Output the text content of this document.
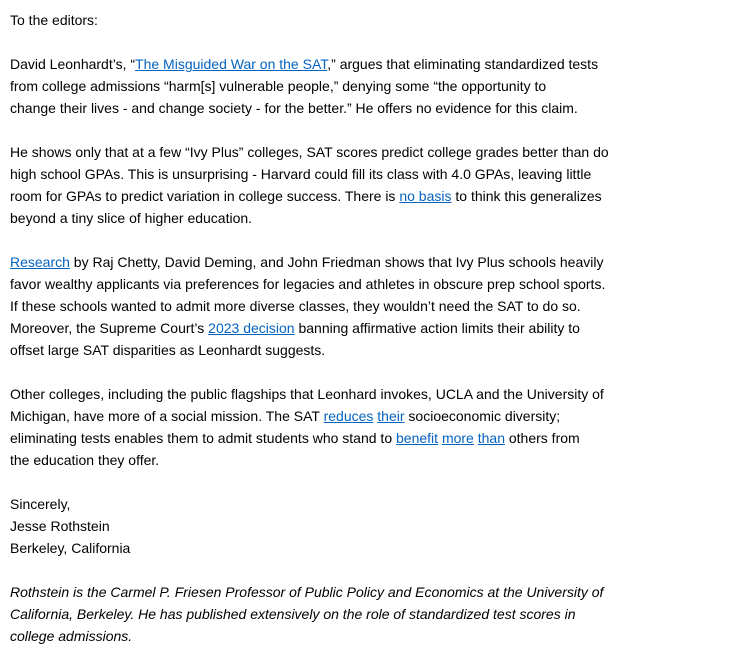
To the editors:

David Leonhardt’s, “The Misguided War on the SAT,” argues that eliminating standardized tests
from college admissions “harm[s] vulnerable people,” denying some “the opportunity to
change their lives - and change society - for the better.” He offers no evidence for this claim.

He shows only that at a few “Ivy Plus” colleges, SAT scores predict college grades better than do
high school GPAs. This is unsurprising - Harvard could fill its class with 4.0 GPAs, leaving little
room for GPAs to predict variation in college success. There is no basis to think this generalizes
beyond a tiny slice of higher education.

Research by Raj Chetty, David Deming, and John Friedman shows that Ivy Plus schools heavily
favor wealthy applicants via preferences for legacies and athletes in obscure prep school sports.
If these schools wanted to admit more diverse classes, they wouldn’t need the SAT to do so.
Moreover, the Supreme Court’s 2023 decision banning affirmative action limits their ability to
offset large SAT disparities as Leonhardt suggests.

Other colleges, including the public flagships that Leonhard invokes, UCLA and the University of
Michigan, have more of a social mission. The SAT reduces their socioeconomic diversity;
eliminating tests enables them to admit students who stand to benefit more than others from
the education they offer.

Sincerely,
Jesse Rothstein
Berkeley, California

Rothstein is the Carmel P. Friesen Professor of Public Policy and Economics at the University of
California, Berkeley. He has published extensively on the role of standardized test scores in
college admissions.
